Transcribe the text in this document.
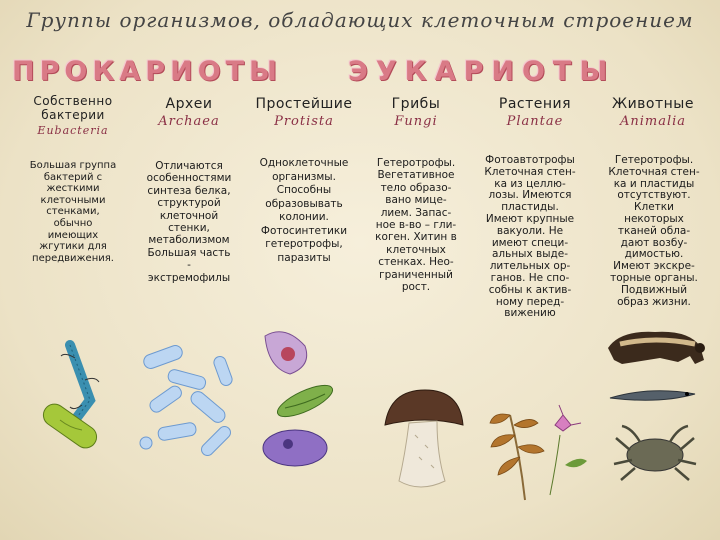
Группы организмов, обладающих клеточным строением
ПРОКАРИОТЫ ЭУКАРИОТЫ
Собственно бактерии
Eubacteria
Археи
Archaea
Простейшие
Protista
Грибы
Fungi
Растения
Plantae
Животные
Animalia
Большая группа
бактерий с
жесткими
клеточными
стенками,
обычно
имеющих
жгутики для
передвижения.
Отличаются
особенностями
синтеза белка,
структурой
клеточной
стенки,
метаболизмом
Большая часть
-
экстремофилы
Одноклеточные
организмы.
Способны
образовывать
колонии.
Фотосинтетики
гетеротрофы,
паразиты
Гетеротрофы.
Вегетативное
тело образо-
вано мице-
лием. Запас-
ное в-во – гли-
коген. Хитин в
клеточных
стенках. Нео-
граниченный
рост.
Фотоавтотрофы
Клеточная стен-
ка из целлю-
лозы. Имеются
пластиды.
Имеют крупные
вакуоли. Не
имеют специ-
альных выде-
лительных ор-
ганов. Не спо-
собны к актив-
ному перед-
вижению
Гетеротрофы.
Клеточная стен-
ка и пластиды
отсутствуют.
Клетки
некоторых
тканей обла-
дают возбу-
димостью.
Имеют экскре-
торные органы.
Подвижный
образ жизни.
